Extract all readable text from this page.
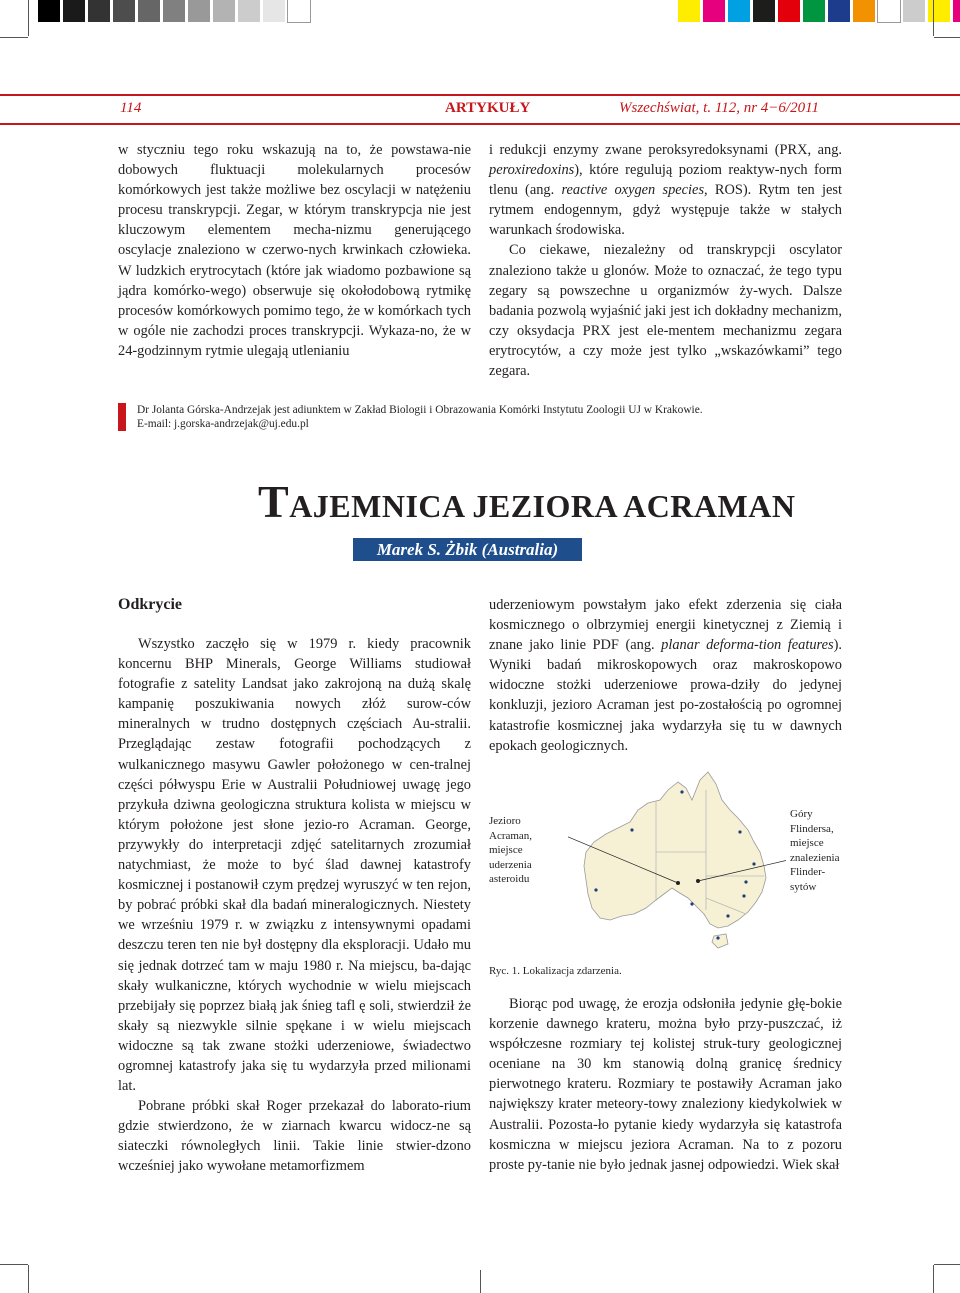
114	ARTYKUŁY	Wszechświat, t. 112, nr 4−6/2011

w styczniu tego roku wskazują na to, że powstawa-nie dobowych fluktuacji molekularnych procesów komórkowych jest także możliwe bez oscylacji w natężeniu procesu transkrypcji. Zegar, w którym transkrypcja nie jest kluczowym elementem mecha-nizmu generującego oscylacje znaleziono w czerwo-nych krwinkach człowieka. W ludzkich erytrocytach (które jak wiadomo pozbawione są jądra komórko-wego) obserwuje się okołodobową rytmikę procesów komórkowych pomimo tego, że w komórkach tych w ogóle nie zachodzi proces transkrypcji. Wykaza-no, że w 24-godzinnym rytmie ulegają utlenianiu

i redukcji enzymy zwane peroksyredoksynami (PRX, ang. peroxiredoxins), które regulują poziom reaktyw-nych form tlenu (ang. reactive oxygen species, ROS). Rytm ten jest rytmem endogennym, gdyż występuje także w stałych warunkach środowiska.

Co ciekawe, niezależny od transkrypcji oscylator znaleziono także u glonów. Może to oznaczać, że tego typu zegary są powszechne u organizmów ży-wych. Dalsze badania pozwolą wyjaśnić jaki jest ich dokładny mechanizm, czy oksydacja PRX jest ele-mentem mechanizmu zegara erytrocytów, a czy może jest tylko „wskazówkami” tego zegara.

Dr Jolanta Górska-Andrzejak jest adiunktem w Zakład Biologii i Obrazowania Komórki Instytutu Zoologii UJ w Krakowie.
E-mail: j.gorska-andrzejak@uj.edu.pl
TAJEMNICA JEZIORA ACRAMAN
Marek S. Żbik (Australia)
Odkrycie

Wszystko zaczęło się w 1979 r. kiedy pracownik koncernu BHP Minerals, George Williams studiował fotografie z satelity Landsat jako zakrojoną na dużą skalę kampanię poszukiwania nowych złóż surow-ców mineralnych w trudno dostępnych częściach Au-stralii. Przeglądając zestaw fotografii pochodzących z wulkanicznego masywu Gawler położonego w cen-tralnej części półwyspu Erie w Australii Południowej uwagę jego przykuła dziwna geologiczna struktura kolista w miejscu w którym położone jest słone jezio-ro Acraman. George, przywykły do interpretacji zdjęć satelitarnych zrozumiał natychmiast, że może to być ślad dawnej katastrofy kosmicznej i postanowił czym prędzej wyruszyć w ten rejon, by pobrać próbki skał dla badań mineralogicznych. Niestety we wrześniu 1979 r. w związku z intensywnymi opadami deszczu teren ten nie był dostępny dla eksploracji. Udało mu się jednak dotrzeć tam w maju 1980 r. Na miejscu, ba-dając skały wulkaniczne, których wychodnie w wielu miejscach przebijały się poprzez białą jak śnieg tafl ę soli, stwierdził że skały są niezwykle silnie spękane i w wielu miejscach widoczne są tak zwane stożki uderzeniowe, świadectwo ogromnej katastrofy jaka się tu wydarzyła przed milionami lat.

Pobrane próbki skał Roger przekazał do laborato-rium gdzie stwierdzono, że w ziarnach kwarcu widocz-ne są siateczki równoległych linii. Takie linie stwier-dzono wcześniej jako wywołane metamorfizmem

uderzeniowym powstałym jako efekt zderzenia się ciała kosmicznego o olbrzymiej energii kinetycznej z Ziemią i znane jako linie PDF (ang. planar deforma-tion features). Wyniki badań mikroskopowych oraz makroskopowo widoczne stożki uderzeniowe prowa-dziły do jedynej konkluzji, jezioro Acraman jest po-zostałością po ogromnej katastrofie kosmicznej jaka wydarzyła się tu w dawnych epokach geologicznych.

Jezioro
Acraman,
miejsce
uderzenia
asteroidu
Góry
Flindersa,
miejsce
znalezienia
Flinder-
sytów
Ryc. 1. Lokalizacja zdarzenia.

Biorąc pod uwagę, że erozja odsłoniła jedynie głę-bokie korzenie dawnego krateru, można było przy-puszczać, iż współczesne rozmiary tej kolistej struk-tury geologicznej oceniane na 30 km stanowią dolną granicę średnicy pierwotnego krateru. Rozmiary te postawiły Acraman jako największy krater meteory-towy znaleziony kiedykolwiek w Australii. Pozosta-ło pytanie kiedy wydarzyła się katastrofa kosmiczna w miejscu jeziora Acraman. Na to z pozoru proste py-tanie nie było jednak jasnej odpowiedzi. Wiek skał
